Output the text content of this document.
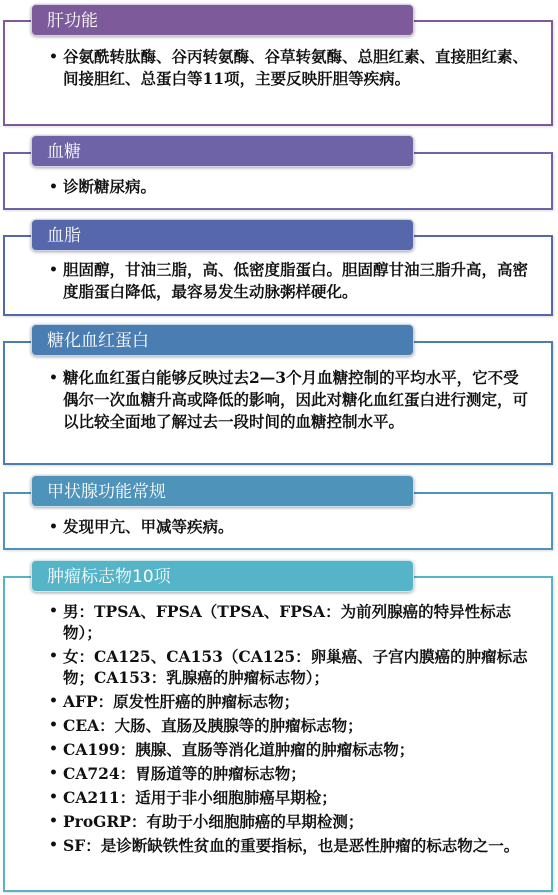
• 谷氨酰转肽酶、谷丙转氨酶、谷草转氨酶、总胆红素、直接胆红素、间接胆红、总蛋白等11项，主要反映肝胆等疾病。
肝功能
• 诊断糖尿病。
血糖
• 胆固醇，甘油三脂，高、低密度脂蛋白。胆固醇甘油三脂升高，高密度脂蛋白降低，最容易发生动脉粥样硬化。
血脂
• 糖化血红蛋白能够反映过去2—3个月血糖控制的平均水平，它不受偶尔一次血糖升高或降低的影响，因此对糖化血红蛋白进行测定，可以比较全面地了解过去一段时间的血糖控制水平。
糖化血红蛋白
• 发现甲亢、甲减等疾病。
甲状腺功能常规
• 男：TPSA、FPSA（TPSA、FPSA：为前列腺癌的特异性标志物）；
• 女：CA125、CA153（CA125：卵巢癌、子宫内膜癌的肿瘤标志物；CA153：乳腺癌的肿瘤标志物）；
• AFP：原发性肝癌的肿瘤标志物；
• CEA：大肠、直肠及胰腺等的肿瘤标志物；
• CA199：胰腺、直肠等消化道肿瘤的肿瘤标志物；
• CA724：胃肠道等的肿瘤标志物；
• CA211：适用于非小细胞肺癌早期检；
• ProGRP：有助于小细胞肺癌的早期检测；
• SF：是诊断缺铁性贫血的重要指标，也是恶性肿瘤的标志物之一。
肿瘤标志物10项
